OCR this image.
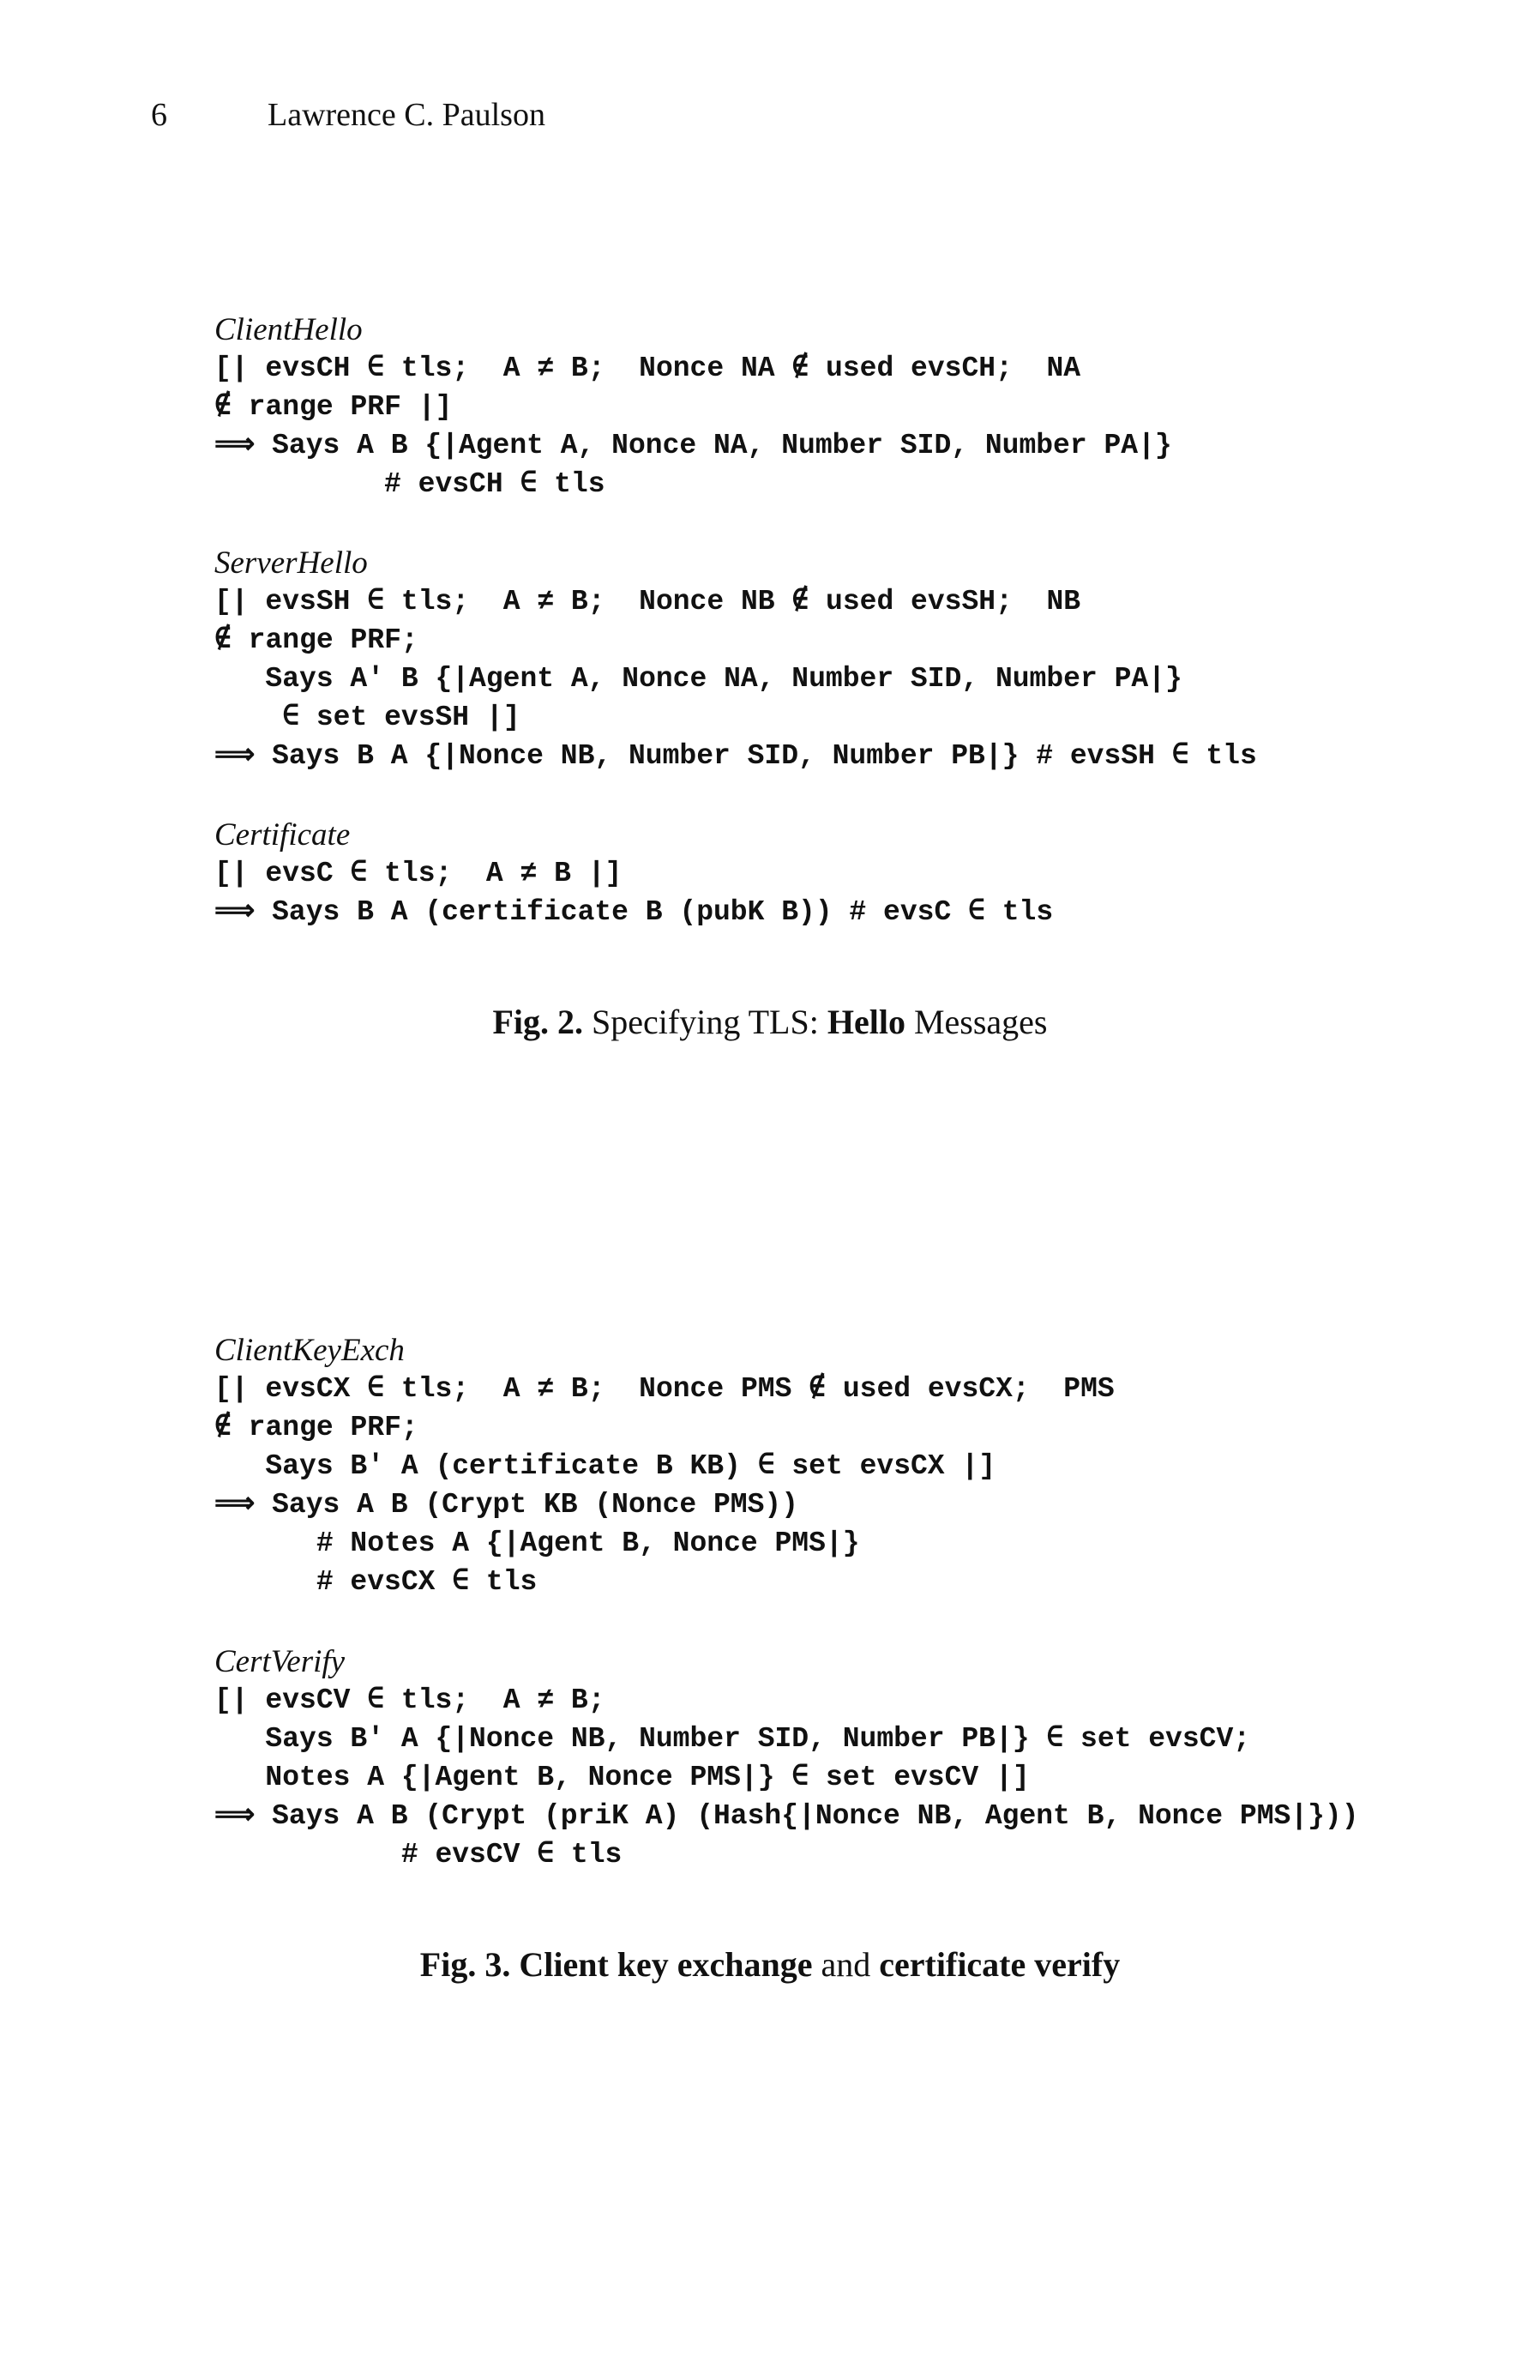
6	Lawrence C. Paulson
ClientHello
[| evsCH ∈ tls;  A ≠ B;  Nonce NA ∉ used evsCH;  NA
∉ range PRF |]
⟹ Says A B {|Agent A, Nonce NA, Number SID, Number PA|}
# evsCH ∈ tls
ServerHello
[| evsSH ∈ tls;  A ≠ B;  Nonce NB ∉ used evsSH;  NB
∉ range PRF;
Says A' B {|Agent A, Nonce NA, Number SID, Number PA|}
∈ set evsSH |]
⟹ Says B A {|Nonce NB, Number SID, Number PB|} # evsSH ∈ tls
Certificate
[| evsC ∈ tls;  A ≠ B |]
⟹ Says B A (certificate B (pubK B)) # evsC ∈ tls
Fig. 2. Specifying TLS: Hello Messages
ClientKeyExch
[| evsCX ∈ tls;  A ≠ B;  Nonce PMS ∉ used evsCX;  PMS
∉ range PRF;
Says B' A (certificate B KB) ∈ set evsCX |]
⟹ Says A B (Crypt KB (Nonce PMS))
# Notes A {|Agent B, Nonce PMS|}
# evsCX ∈ tls
CertVerify
[| evsCV ∈ tls;  A ≠ B;
Says B' A {|Nonce NB, Number SID, Number PB|} ∈ set evsCV;
Notes A {|Agent B, Nonce PMS|} ∈ set evsCV |]
⟹ Says A B (Crypt (priK A) (Hash{|Nonce NB, Agent B, Nonce PMS|}))
# evsCV ∈ tls
Fig. 3. Client key exchange and certificate verify
